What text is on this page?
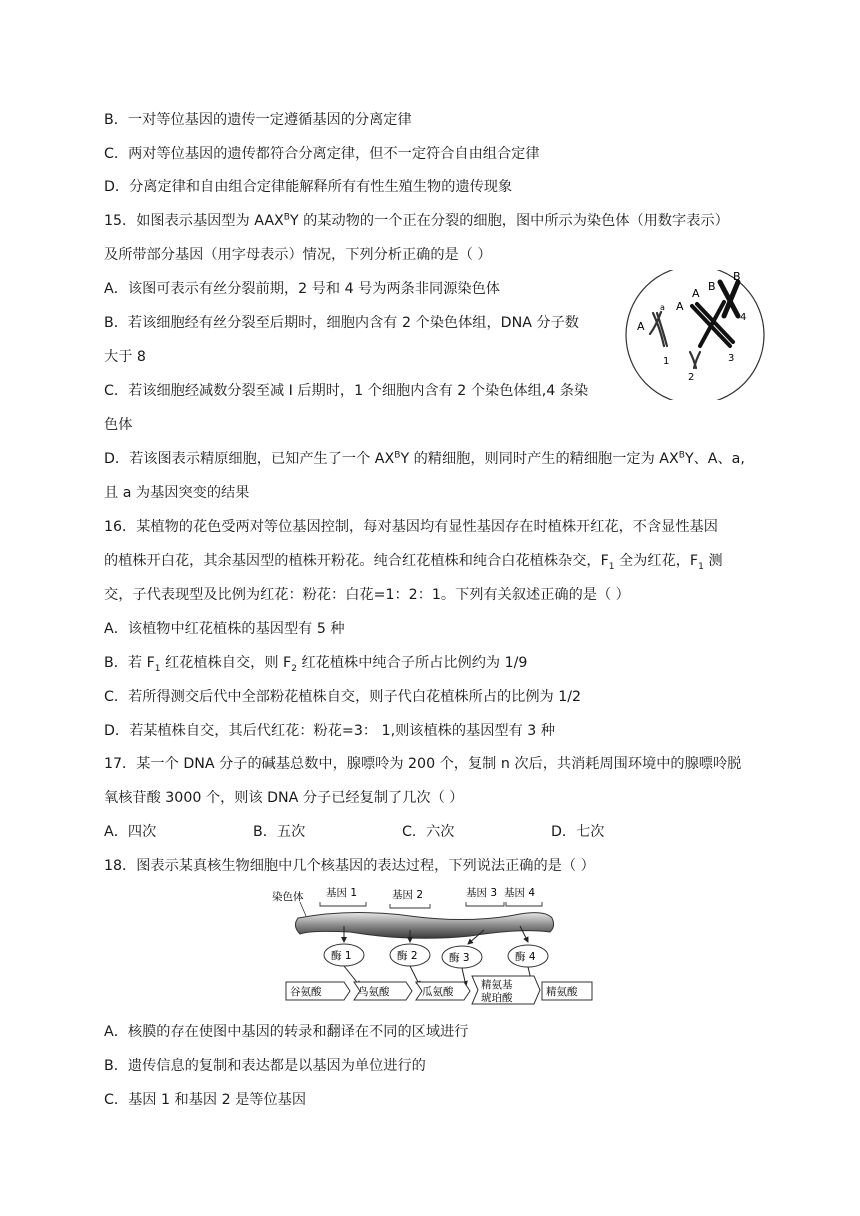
B．一对等位基因的遗传一定遵循基因的分离定律
C．两对等位基因的遗传都符合分离定律，但不一定符合自由组合定律
D．分离定律和自由组合定律能解释所有有性生殖生物的遗传现象
15．如图表示基因型为 $AAX^BY$ 的某动物的一个正在分裂的细胞，图中所示为染色体（用数字表示）
及所带部分基因（用字母表示）情况，下列分析正确的是（ ）
A．该图可表示有丝分裂前期，2 号和 4 号为两条非同源染色体
B．若该细胞经有丝分裂至后期时，细胞内含有 2 个染色体组，DNA 分子数
大于 8
C．若该细胞经减数分裂至减 I 后期时，1 个细胞内含有 2 个染色体组,4 条染
色体
D．若该图表示精原细胞，已知产生了一个 $AX^BY$ 的精细胞，则同时产生的精细胞一定为 $AX^BY$、A、a,
且 a 为基因突变的结果
A
a A
A
B
B
1
2
3
4
16．某植物的花色受两对等位基因控制，每对基因均有显性基因存在时植株开红花，不含显性基因
的植株开白花，其余基因型的植株开粉花。纯合红花植株和纯合白花植株杂交，$F_1$ 全为红花，$F_1$ 测
交，子代表现型及比例为红花：粉花：白花=1：2：1。下列有关叙述正确的是（ ）
A．该植物中红花植株的基因型有 5 种
B．若 $F_1$ 红花植株自交，则 $F_2$ 红花植株中纯合子所占比例约为 1/9
C．若所得测交后代中全部粉花植株自交，则子代白花植株所占的比例为 1/2
D．若某植株自交，其后代红花：粉花=3： 1,则该植株的基因型有 3 种
17．某一个 DNA 分子的碱基总数中，腺嘌呤为 200 个，复制 n 次后，共消耗周围环境中的腺嘌呤脱
氧核苷酸 3000 个，则该 DNA 分子已经复制了几次（ ）
A．四次	B．五次	C．六次	D．七次
18．图表示某真核生物细胞中几个核基因的表达过程，下列说法正确的是（ ）
染色体 基因 1	基因 2	基因 3 基因 4
酶 1	酶 2	酶 3	酶 4
谷氨酸	鸟氨酸	瓜氨酸
精氨基
琥珀酸	精氨酸
A．核膜的存在使图中基因的转录和翻译在不同的区域进行
B．遗传信息的复制和表达都是以基因为单位进行的
C．基因 1 和基因 2 是等位基因
